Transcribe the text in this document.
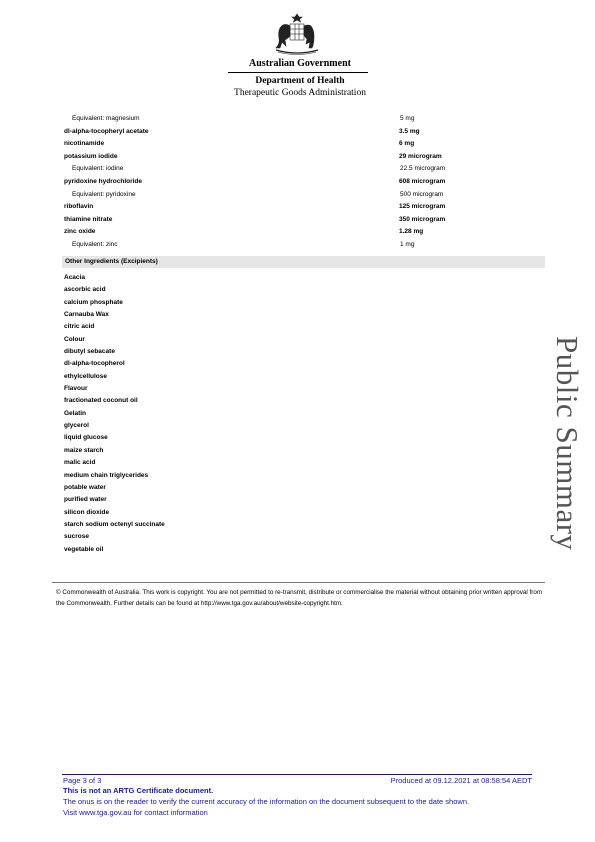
Australian Government
Department of Health
Therapeutic Goods Administration
Equivalent: magnesium	5 mg
dl-alpha-tocopheryl acetate	3.5 mg
nicotinamide	6 mg
potassium iodide	29 microgram
Equivalent: iodine	22.5 microgram
pyridoxine hydrochloride	608 microgram
Equivalent: pyridoxine	500 microgram
riboflavin	125 microgram
thiamine nitrate	350 microgram
zinc oxide	1.28 mg
Equivalent: zinc	1 mg
Other Ingredients (Excipients)
Acacia
ascorbic acid
calcium phosphate
Carnauba Wax
citric acid
Colour
dibutyl sebacate
dl-alpha-tocopherol
ethylcellulose
Flavour
fractionated coconut oil
Gelatin
glycerol
liquid glucose
maize starch
malic acid
medium chain triglycerides
potable water
purified water
silicon dioxide
starch sodium octenyl succinate
sucrose
vegetable oil	Public Summary
© Commonwealth of Australia. This work is copyright. You are not permitted to re-transmit, distribute or commercialise the material without obtaining prior written approval from the Commonwealth. Further details can be found at http://www.tga.gov.au/about/website-copyright.htm.
Page 3 of 3	Produced at 09.12.2021 at 08:58:54 AEDT
This is not an ARTG Certificate document.
The onus is on the reader to verify the current accuracy of the information on the document subsequent to the date shown.
Visit www.tga.gov.au for contact information
